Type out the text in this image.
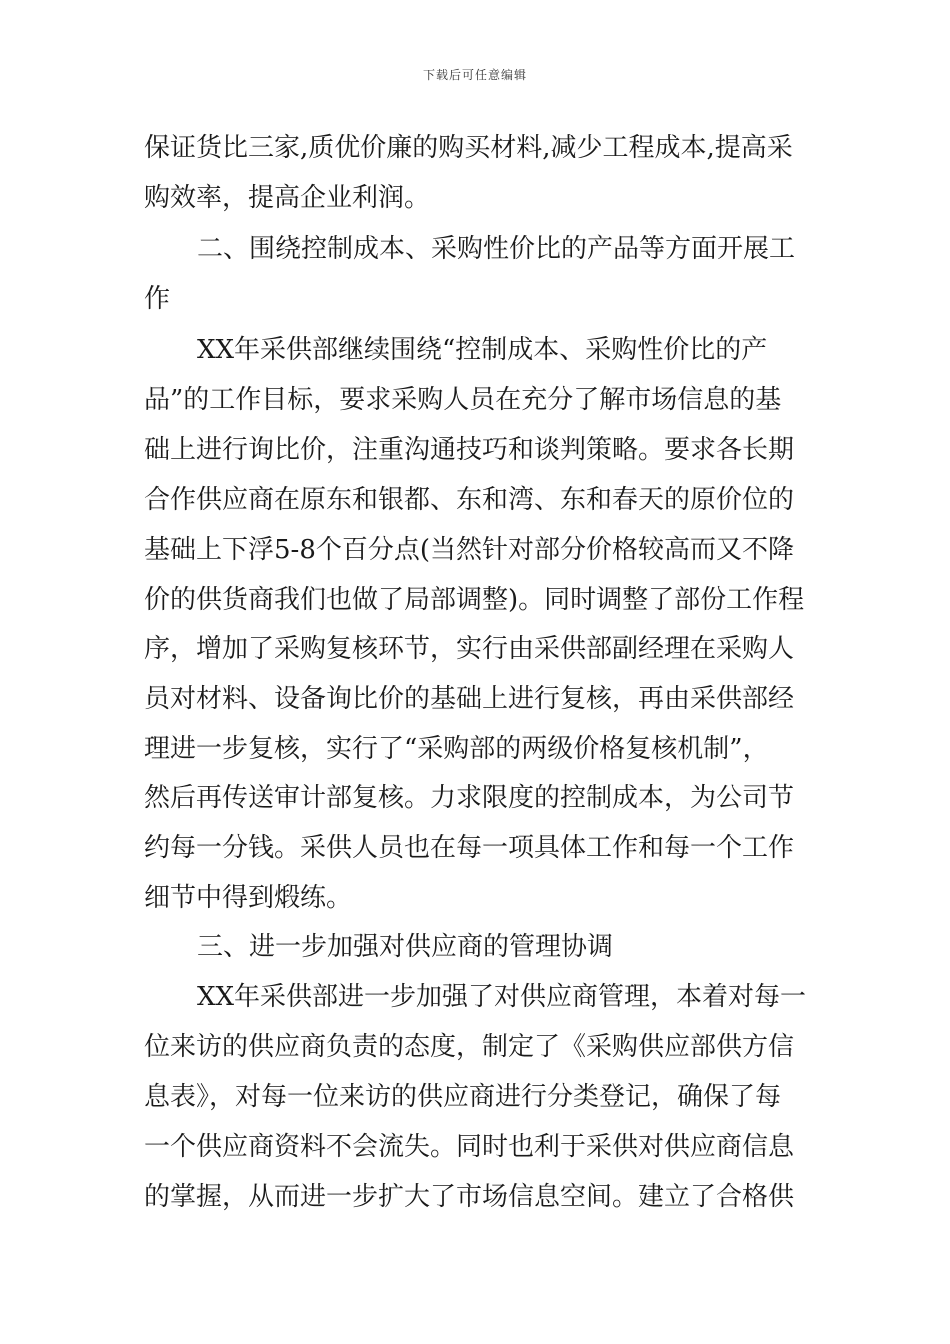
下载后可任意编辑
保证货比三家,质优价廉的购买材料,减少工程成本,提高采
购效率，提高企业利润。
二、围绕控制成本、采购性价比的产品等方面开展工
作
XX年采供部继续围绕“控制成本、采购性价比的产
品”的工作目标，要求采购人员在充分了解市场信息的基
础上进行询比价，注重沟通技巧和谈判策略。要求各长期
合作供应商在原东和银都、东和湾、东和春天的原价位的
基础上下浮5-8个百分点(当然针对部分价格较高而又不降
价的供货商我们也做了局部调整)。同时调整了部份工作程
序，增加了采购复核环节，实行由采供部副经理在采购人
员对材料、设备询比价的基础上进行复核，再由采供部经
理进一步复核，实行了“采购部的两级价格复核机制”，
然后再传送审计部复核。力求限度的控制成本，为公司节
约每一分钱。采供人员也在每一项具体工作和每一个工作
细节中得到煅练。
三、进一步加强对供应商的管理协调
XX年采供部进一步加强了对供应商管理，本着对每一
位来访的供应商负责的态度，制定了《采购供应部供方信
息表》，对每一位来访的供应商进行分类登记，确保了每
一个供应商资料不会流失。同时也利于采供对供应商信息
的掌握，从而进一步扩大了市场信息空间。建立了合格供
